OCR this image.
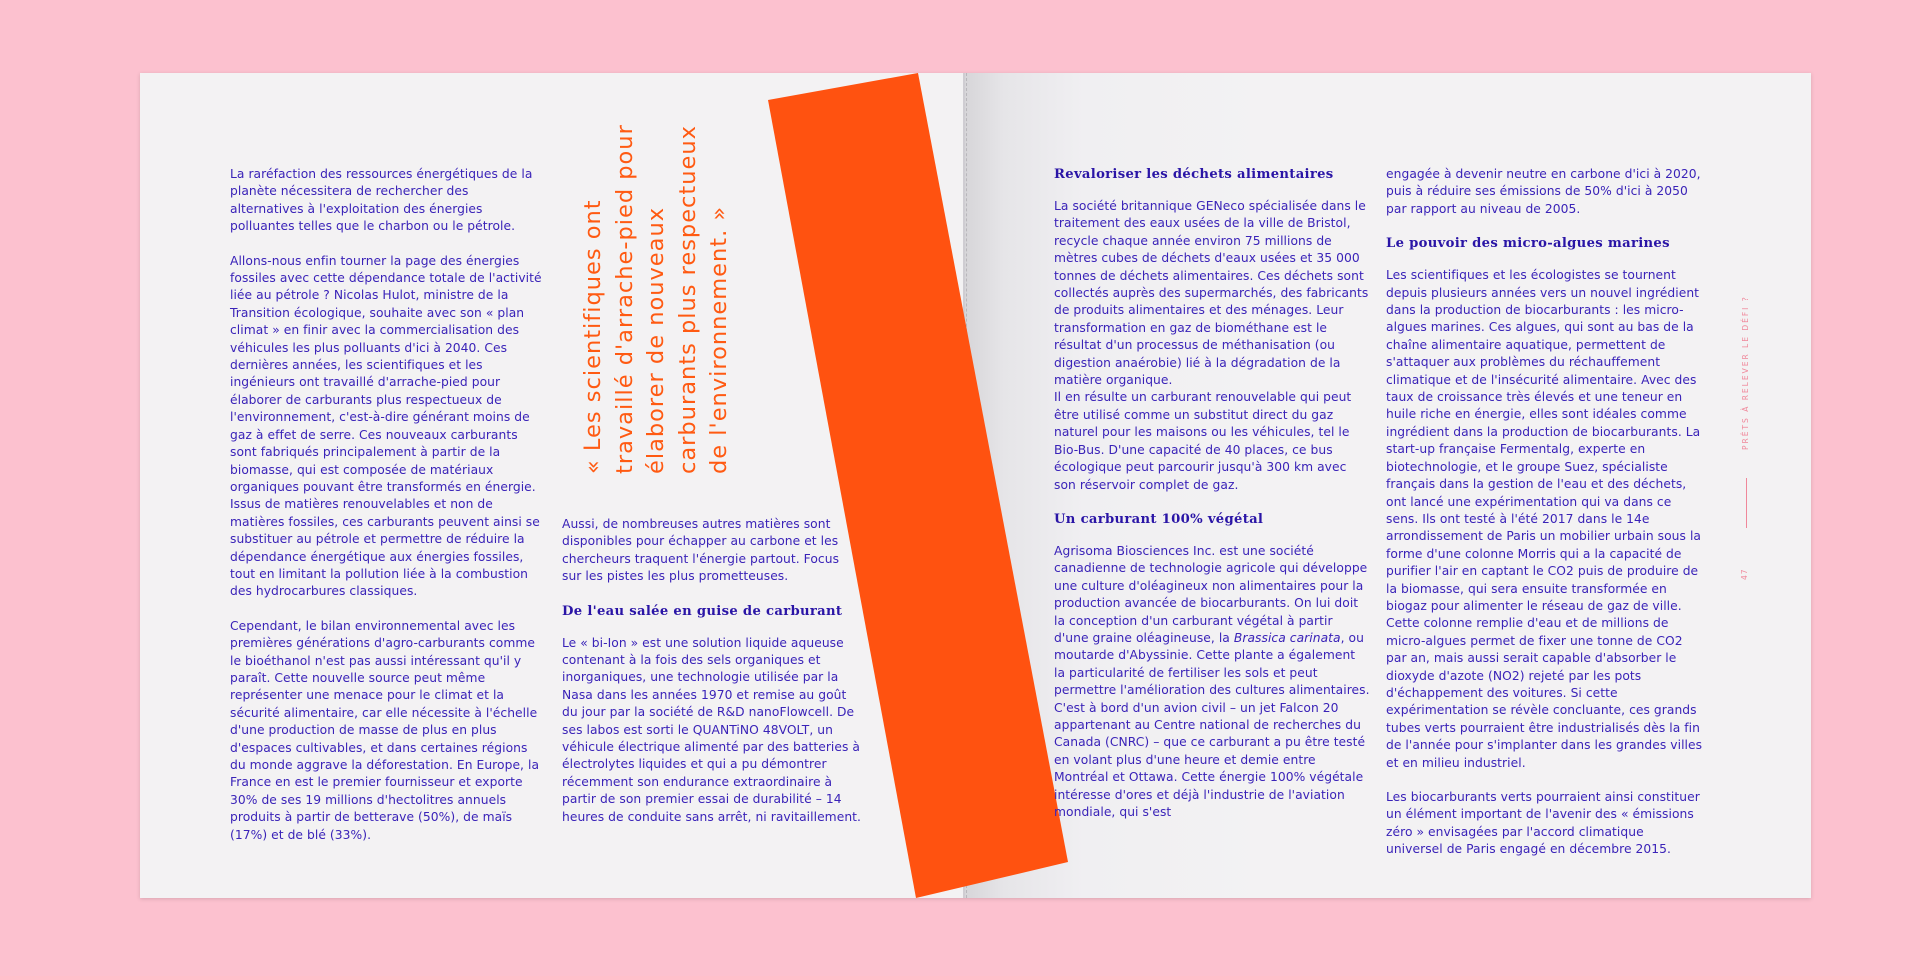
La raréfaction des ressources énergétiques de la planète nécessitera de rechercher des alternatives à l'exploitation des énergies polluantes telles que le charbon ou le pétrole.

Allons-nous enfin tourner la page des énergies fossiles avec cette dépendance totale de l'activité liée au pétrole ? Nicolas Hulot, ministre de la Transition écologique, souhaite avec son « plan climat » en finir avec la commercialisation des véhicules les plus polluants d'ici à 2040. Ces dernières années, les scientifiques et les ingénieurs ont travaillé d'arrache-pied pour élaborer de carburants plus respectueux de l'environnement, c'est-à-dire générant moins de gaz à effet de serre. Ces nouveaux carburants sont fabriqués principalement à partir de la biomasse, qui est composée de matériaux organiques pouvant être transformés en énergie. Issus de matières renouvelables et non de matières fossiles, ces carburants peuvent ainsi se substituer au pétrole et permettre de réduire la dépendance énergétique aux énergies fossiles, tout en limitant la pollution liée à la combustion des hydrocarbures classiques.

Cependant, le bilan environnemental avec les premières générations d'agro-carburants comme le bioéthanol n'est pas aussi intéressant qu'il y paraît. Cette nouvelle source peut même représenter une menace pour le climat et la sécurité alimentaire, car elle nécessite à l'échelle d'une production de masse de plus en plus d'espaces cultivables, et dans certaines régions du monde aggrave la déforestation. En Europe, la France en est le premier fournisseur et exporte 30% de ses 19 millions d'hectolitres annuels produits à partir de betterave (50%), de maïs (17%) et de blé (33%).

« Les scientifiques ont travaillé d'arrache-pied pour élaborer de nouveaux carburants plus respectueux de l'environnement. »

Aussi, de nombreuses autres matières sont disponibles pour échapper au carbone et les chercheurs traquent l'énergie partout. Focus sur les pistes les plus prometteuses.

De l'eau salée en guise de carburant

Le « bi-Ion » est une solution liquide aqueuse contenant à la fois des sels organiques et inorganiques, une technologie utilisée par la Nasa dans les années 1970 et remise au goût du jour par la société de R&D nanoFlowcell. De ses labos est sorti le QUANTiNO 48VOLT, un véhicule électrique alimenté par des batteries à électrolytes liquides et qui a pu démontrer récemment son endurance extraordinaire à partir de son premier essai de durabilité – 14 heures de conduite sans arrêt, ni ravitaillement.

Revaloriser les déchets alimentaires

La société britannique GENeco spécialisée dans le traitement des eaux usées de la ville de Bristol, recycle chaque année environ 75 millions de mètres cubes de déchets d'eaux usées et 35 000 tonnes de déchets alimentaires. Ces déchets sont collectés auprès des supermarchés, des fabricants de produits alimentaires et des ménages. Leur transformation en gaz de biométhane est le résultat d'un processus de méthanisation (ou digestion anaérobie) lié à la dégradation de la matière organique.

Il en résulte un carburant renouvelable qui peut être utilisé comme un substitut direct du gaz naturel pour les maisons ou les véhicules, tel le Bio-Bus. D'une capacité de 40 places, ce bus écologique peut parcourir jusqu'à 300 km avec son réservoir complet de gaz.

Un carburant 100% végétal

Agrisoma Biosciences Inc. est une société canadienne de technologie agricole qui développe une culture d'oléagineux non alimentaires pour la production avancée de biocarburants. On lui doit la conception d'un carburant végétal à partir d'une graine oléagineuse, la Brassica carinata, ou moutarde d'Abyssinie. Cette plante a également la particularité de fertiliser les sols et peut permettre l'amélioration des cultures alimentaires. C'est à bord d'un avion civil – un jet Falcon 20 appartenant au Centre national de recherches du Canada (CNRC) – que ce carburant a pu être testé en volant plus d'une heure et demie entre Montréal et Ottawa. Cette énergie 100% végétale intéresse d'ores et déjà l'industrie de l'aviation mondiale, qui s'est

engagée à devenir neutre en carbone d'ici à 2020, puis à réduire ses émissions de 50% d'ici à 2050 par rapport au niveau de 2005.

Le pouvoir des micro-algues marines

Les scientifiques et les écologistes se tournent depuis plusieurs années vers un nouvel ingrédient dans la production de biocarburants : les micro-algues marines. Ces algues, qui sont au bas de la chaîne alimentaire aquatique, permettent de s'attaquer aux problèmes du réchauffement climatique et de l'insécurité alimentaire. Avec des taux de croissance très élevés et une teneur en huile riche en énergie, elles sont idéales comme ingrédient dans la production de biocarburants. La start-up française Fermentalg, experte en biotechnologie, et le groupe Suez, spécialiste français dans la gestion de l'eau et des déchets, ont lancé une expérimentation qui va dans ce sens. Ils ont testé à l'été 2017 dans le 14e arrondissement de Paris un mobilier urbain sous la forme d'une colonne Morris qui a la capacité de purifier l'air en captant le CO2 puis de produire de la biomasse, qui sera ensuite transformée en biogaz pour alimenter le réseau de gaz de ville. Cette colonne remplie d'eau et de millions de micro-algues permet de fixer une tonne de CO2 par an, mais aussi serait capable d'absorber le dioxyde d'azote (NO2) rejeté par les pots d'échappement des voitures. Si cette expérimentation se révèle concluante, ces grands tubes verts pourraient être industrialisés dès la fin de l'année pour s'implanter dans les grandes villes et en milieu industriel.

Les biocarburants verts pourraient ainsi constituer un élément important de l'avenir des « émissions zéro » envisagées par l'accord climatique universel de Paris engagé en décembre 2015.

PRÊTS À RELEVER LE DÉFI ?
47
